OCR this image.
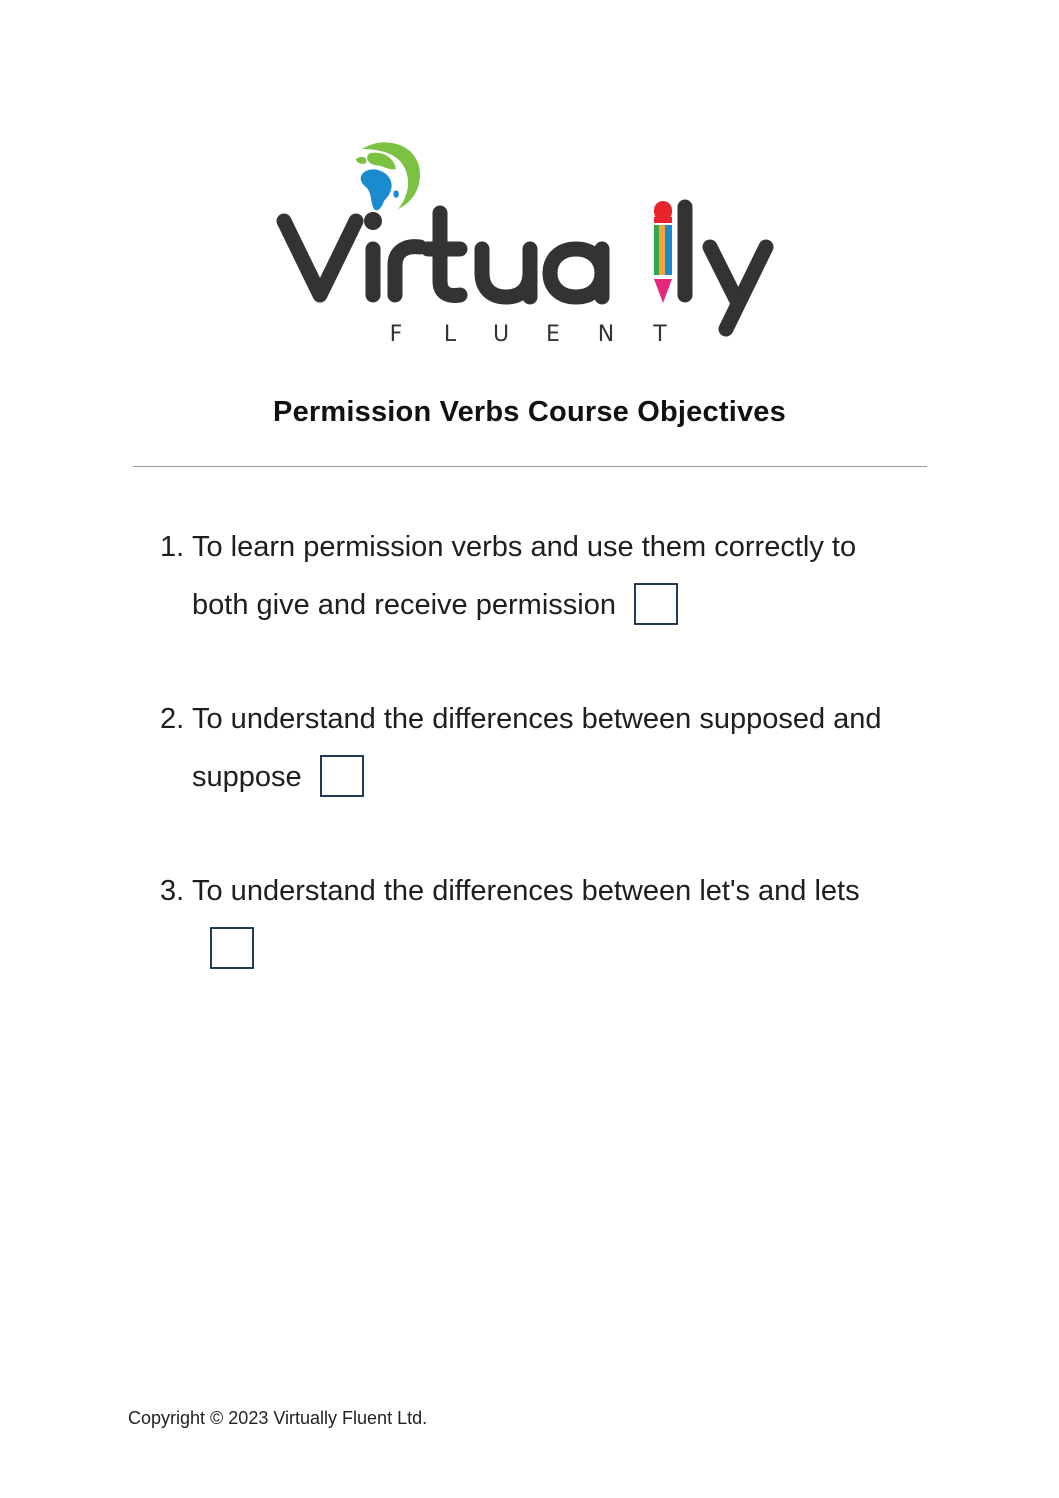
F L U E N T
Permission Verbs Course Objectives
1. To learn permission verbs and use them correctly to both give and receive permission
2. To understand the differences between supposed and suppose
3. To understand the differences between let's and lets
Copyright © 2023 Virtually Fluent Ltd.
